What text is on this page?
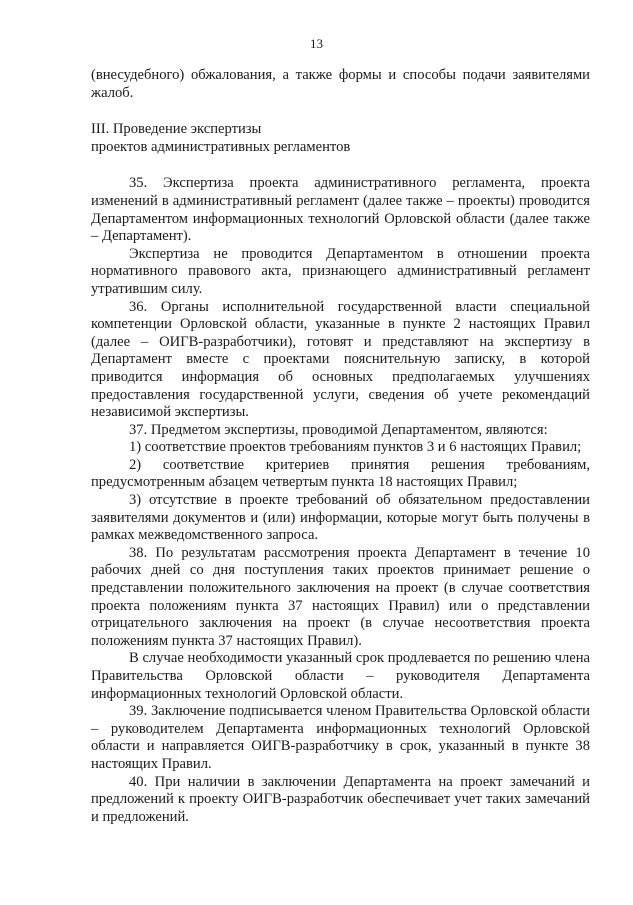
13

(внесудебного) обжалования, а также формы и способы подачи заявителями жалоб.

III. Проведение экспертизы
проектов административных регламентов

35. Экспертиза проекта административного регламента, проекта изменений в административный регламент (далее также – проекты) проводится Департаментом информационных технологий Орловской области (далее также – Департамент).

Экспертиза не проводится Департаментом в отношении проекта нормативного правового акта, признающего административный регламент утратившим силу.

36. Органы исполнительной государственной власти специальной компетенции Орловской области, указанные в пункте 2 настоящих Правил (далее – ОИГВ-разработчики), готовят и представляют на экспертизу в Департамент вместе с проектами пояснительную записку, в которой приводится информация об основных предполагаемых улучшениях предоставления государственной услуги, сведения об учете рекомендаций независимой экспертизы.

37. Предметом экспертизы, проводимой Департаментом, являются:

1) соответствие проектов требованиям пунктов 3 и 6 настоящих Правил;

2) соответствие критериев принятия решения требованиям, предусмотренным абзацем четвертым пункта 18 настоящих Правил;

3) отсутствие в проекте требований об обязательном предоставлении заявителями документов и (или) информации, которые могут быть получены в рамках межведомственного запроса.

38. По результатам рассмотрения проекта Департамент в течение 10 рабочих дней со дня поступления таких проектов принимает решение о представлении положительного заключения на проект (в случае соответствия проекта положениям пункта 37 настоящих Правил) или о представлении отрицательного заключения на проект (в случае несоответствия проекта положениям пункта 37 настоящих Правил).

В случае необходимости указанный срок продлевается по решению члена Правительства Орловской области – руководителя Департамента информационных технологий Орловской области.

39. Заключение подписывается членом Правительства Орловской области – руководителем Департамента информационных технологий Орловской области и направляется ОИГВ-разработчику в срок, указанный в пункте 38 настоящих Правил.

40. При наличии в заключении Департамента на проект замечаний и предложений к проекту ОИГВ-разработчик обеспечивает учет таких замечаний и предложений.
